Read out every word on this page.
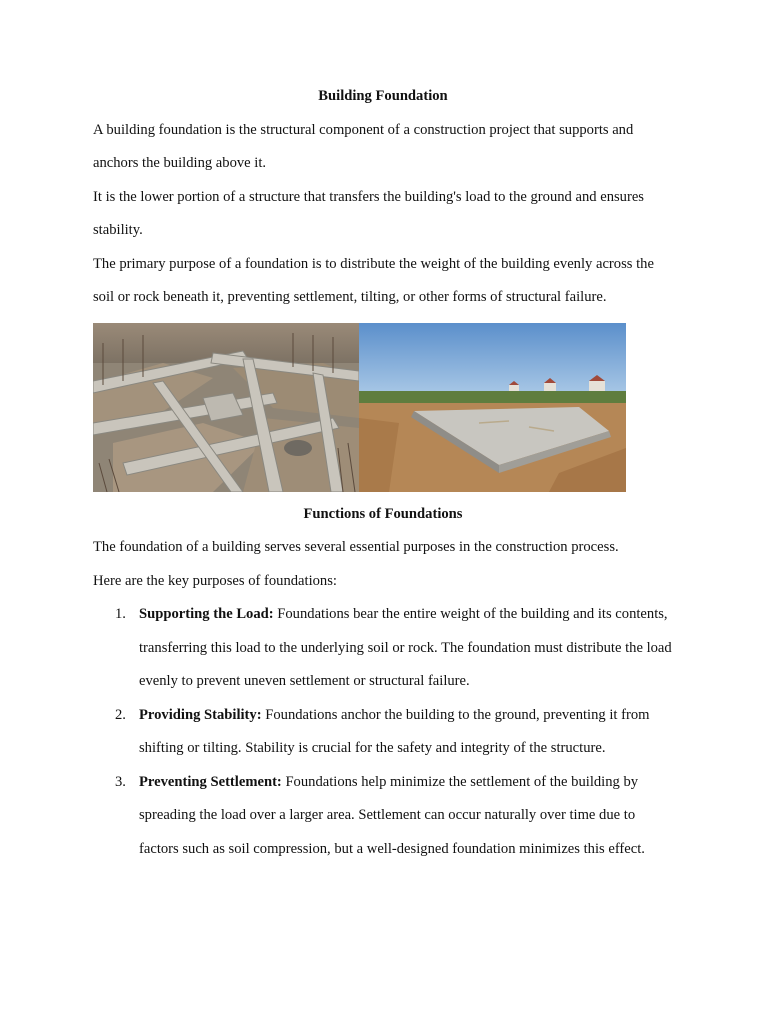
Building Foundation

A building foundation is the structural component of a construction project that supports and anchors the building above it.

It is the lower portion of a structure that transfers the building's load to the ground and ensures stability.

The primary purpose of a foundation is to distribute the weight of the building evenly across the soil or rock beneath it, preventing settlement, tilting, or other forms of structural failure.

Functions of Foundations

The foundation of a building serves several essential purposes in the construction process.

Here are the key purposes of foundations:

1. Supporting the Load: Foundations bear the entire weight of the building and its contents, transferring this load to the underlying soil or rock. The foundation must distribute the load evenly to prevent uneven settlement or structural failure.
2. Providing Stability: Foundations anchor the building to the ground, preventing it from shifting or tilting. Stability is crucial for the safety and integrity of the structure.
3. Preventing Settlement: Foundations help minimize the settlement of the building by spreading the load over a larger area. Settlement can occur naturally over time due to factors such as soil compression, but a well-designed foundation minimizes this effect.
